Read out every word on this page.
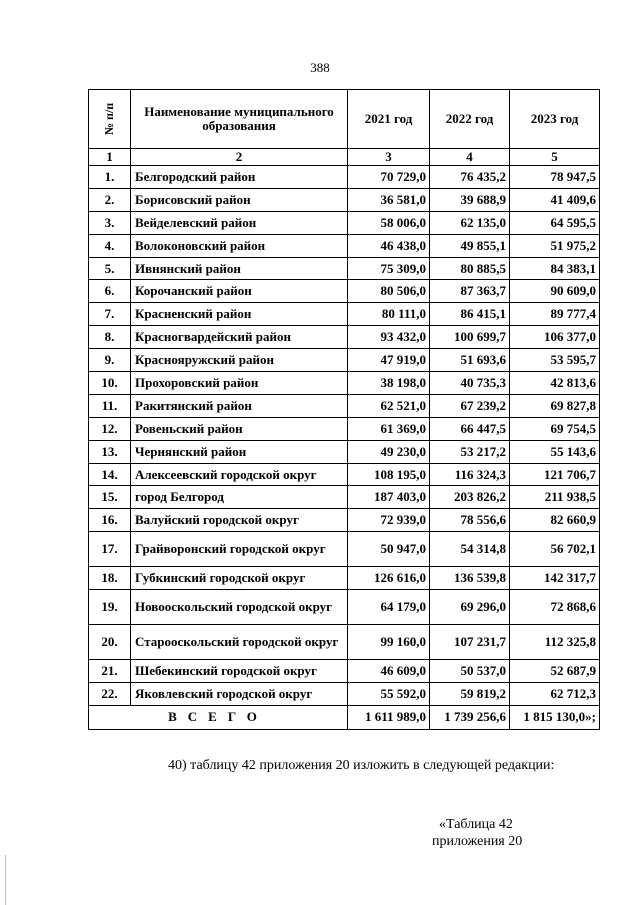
388
№ п/п	Наименование муниципального образования	2021 год	2022 год	2023 год
1	2	3	4	5
1.	Белгородский район	70 729,0	76 435,2	78 947,5
2.	Борисовский район	36 581,0	39 688,9	41 409,6
3.	Вейделевский район	58 006,0	62 135,0	64 595,5
4.	Волоконовский район	46 438,0	49 855,1	51 975,2
5.	Ивнянский район	75 309,0	80 885,5	84 383,1
6.	Корочанский район	80 506,0	87 363,7	90 609,0
7.	Красненский район	80 111,0	86 415,1	89 777,4
8.	Красногвардейский район	93 432,0	100 699,7	106 377,0
9.	Краснояружский район	47 919,0	51 693,6	53 595,7
10.	Прохоровский район	38 198,0	40 735,3	42 813,6
11.	Ракитянский район	62 521,0	67 239,2	69 827,8
12.	Ровеньский район	61 369,0	66 447,5	69 754,5
13.	Чернянский район	49 230,0	53 217,2	55 143,6
14.	Алексеевский городской округ	108 195,0	116 324,3	121 706,7
15.	город Белгород	187 403,0	203 826,2	211 938,5
16.	Валуйский городской округ	72 939,0	78 556,6	82 660,9
17.	Грайворонский городской округ	50 947,0	54 314,8	56 702,1
18.	Губкинский городской округ	126 616,0	136 539,8	142 317,7
19.	Новооскольский городской округ	64 179,0	69 296,0	72 868,6
20.	Старооскольский городской округ	99 160,0	107 231,7	112 325,8
21.	Шебекинский городской округ	46 609,0	50 537,0	52 687,9
22.	Яковлевский городской округ	55 592,0	59 819,2	62 712,3
ВСЕГО		1 611 989,0	1 739 256,6	1 815 130,0»;
40) таблицу 42 приложения 20 изложить в следующей редакции:
«Таблица 42
приложения 20
